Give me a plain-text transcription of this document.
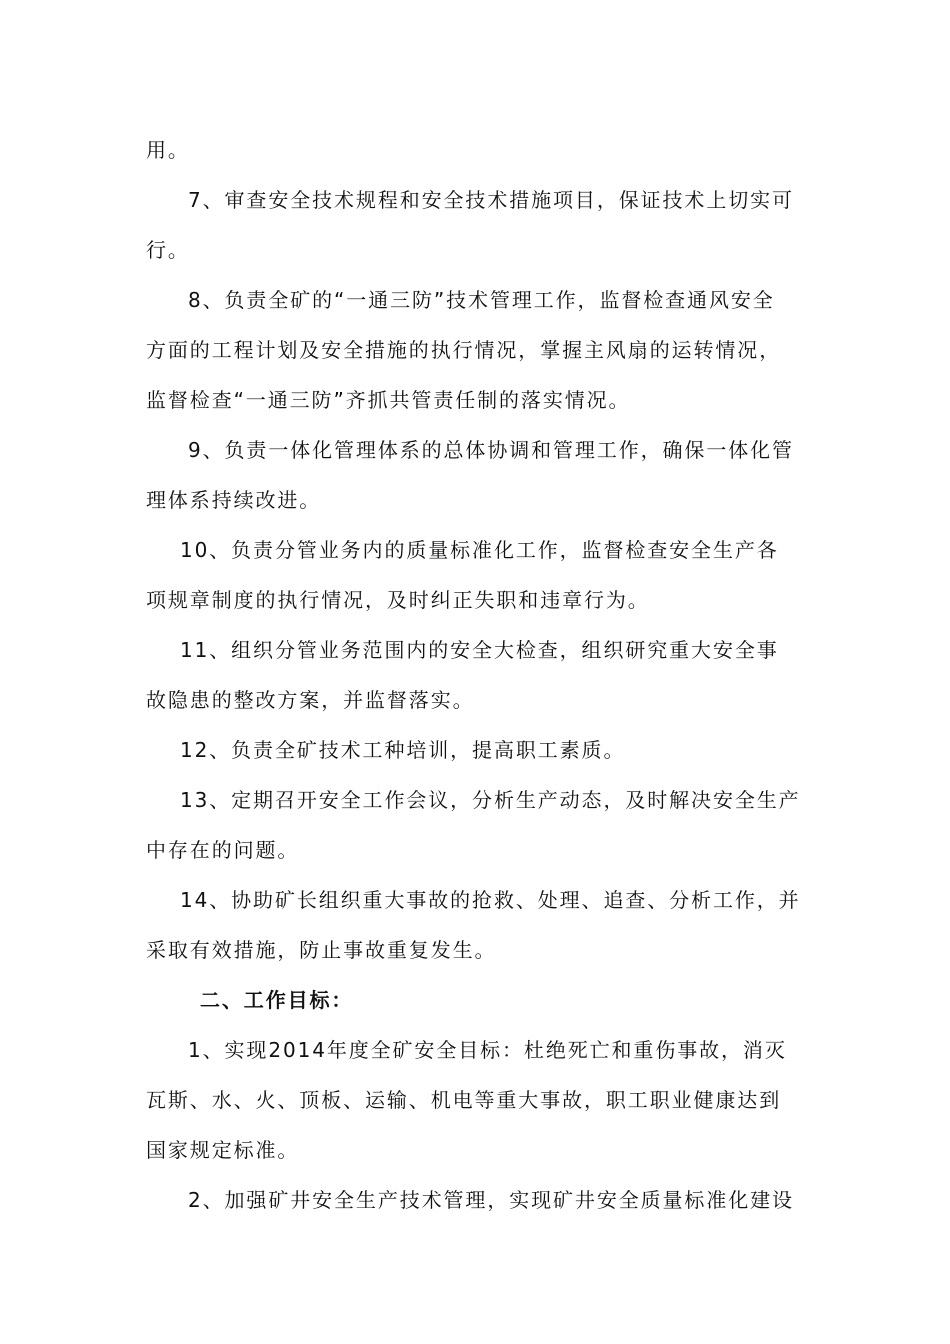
用。
7、审查安全技术规程和安全技术措施项目，保证技术上切实可
行。
8、负责全矿的“一通三防”技术管理工作，监督检查通风安全
方面的工程计划及安全措施的执行情况，掌握主风扇的运转情况，
监督检查“一通三防”齐抓共管责任制的落实情况。
9、负责一体化管理体系的总体协调和管理工作，确保一体化管
理体系持续改进。
10、负责分管业务内的质量标准化工作，监督检查安全生产各
项规章制度的执行情况，及时纠正失职和违章行为。
11、组织分管业务范围内的安全大检查，组织研究重大安全事
故隐患的整改方案，并监督落实。
12、负责全矿技术工种培训，提高职工素质。
13、定期召开安全工作会议，分析生产动态，及时解决安全生产
中存在的问题。
14、协助矿长组织重大事故的抢救、处理、追查、分析工作，并
采取有效措施，防止事故重复发生。
二、工作目标：
1、实现2014年度全矿安全目标：杜绝死亡和重伤事故，消灭
瓦斯、水、火、顶板、运输、机电等重大事故，职工职业健康达到
国家规定标准。
2、加强矿井安全生产技术管理，实现矿井安全质量标准化建设
